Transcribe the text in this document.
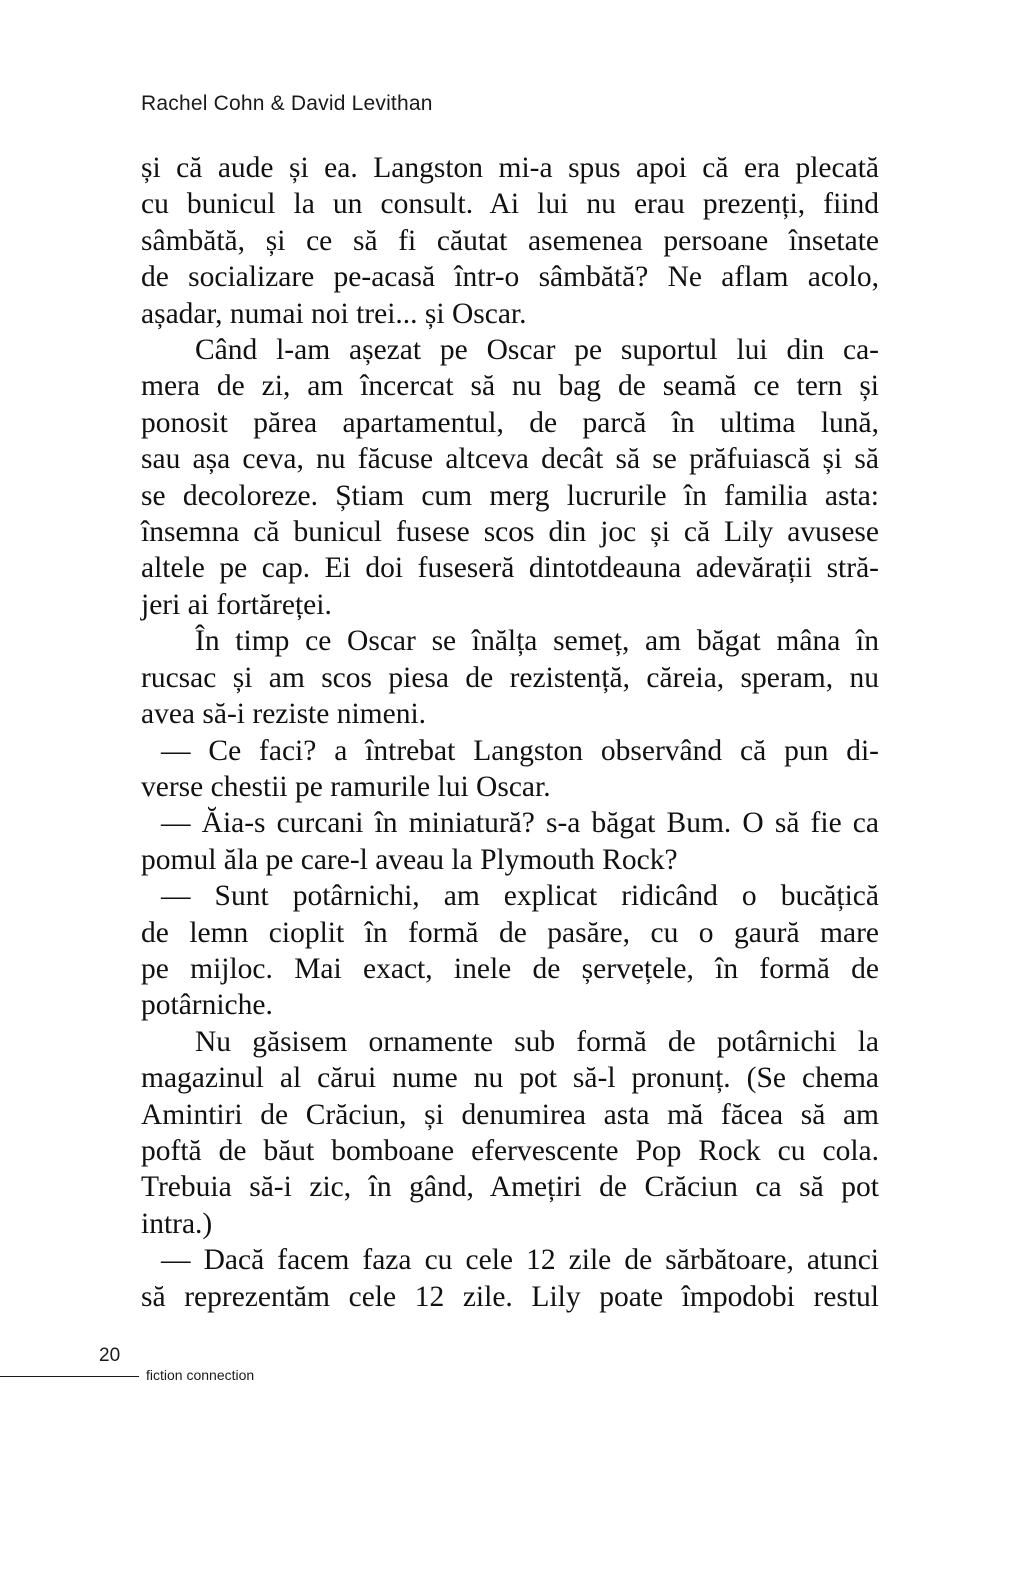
Rachel Cohn & David Levithan
și că aude și ea. Langston mi-a spus apoi că era plecată
cu bunicul la un consult. Ai lui nu erau prezenți, fiind
sâmbătă, și ce să fi căutat asemenea persoane însetate
de socializare pe-acasă într-o sâmbătă? Ne aflam acolo,
așadar, numai noi trei... și Oscar.
Când l-am așezat pe Oscar pe suportul lui din ca-
mera de zi, am încercat să nu bag de seamă ce tern și
ponosit părea apartamentul, de parcă în ultima lună,
sau așa ceva, nu făcuse altceva decât să se prăfuiască și să
se decoloreze. Știam cum merg lucrurile în familia asta:
însemna că bunicul fusese scos din joc și că Lily avusese
altele pe cap. Ei doi fuseseră dintotdeauna adevărații stră-
jeri ai fortăreței.
În timp ce Oscar se înălța semeț, am băgat mâna în
rucsac și am scos piesa de rezistență, căreia, speram, nu
avea să-i reziste nimeni.
— Ce faci? a întrebat Langston observând că pun di-
verse chestii pe ramurile lui Oscar.
— Ăia-s curcani în miniatură? s-a băgat Bum. O să fie ca
pomul ăla pe care-l aveau la Plymouth Rock?
— Sunt potârnichi, am explicat ridicând o bucățică
de lemn cioplit în formă de pasăre, cu o gaură mare
pe mijloc. Mai exact, inele de șervețele, în formă de
potârniche.
Nu găsisem ornamente sub formă de potârnichi la
magazinul al cărui nume nu pot să-l pronunț. (Se chema
Amintiri de Crăciun, și denumirea asta mă făcea să am
poftă de băut bomboane efervescente Pop Rock cu cola.
Trebuia să-i zic, în gând, Amețiri de Crăciun ca să pot
intra.)
— Dacă facem faza cu cele 12 zile de sărbătoare, atunci
să reprezentăm cele 12 zile. Lily poate împodobi restul
20
fiction connection
